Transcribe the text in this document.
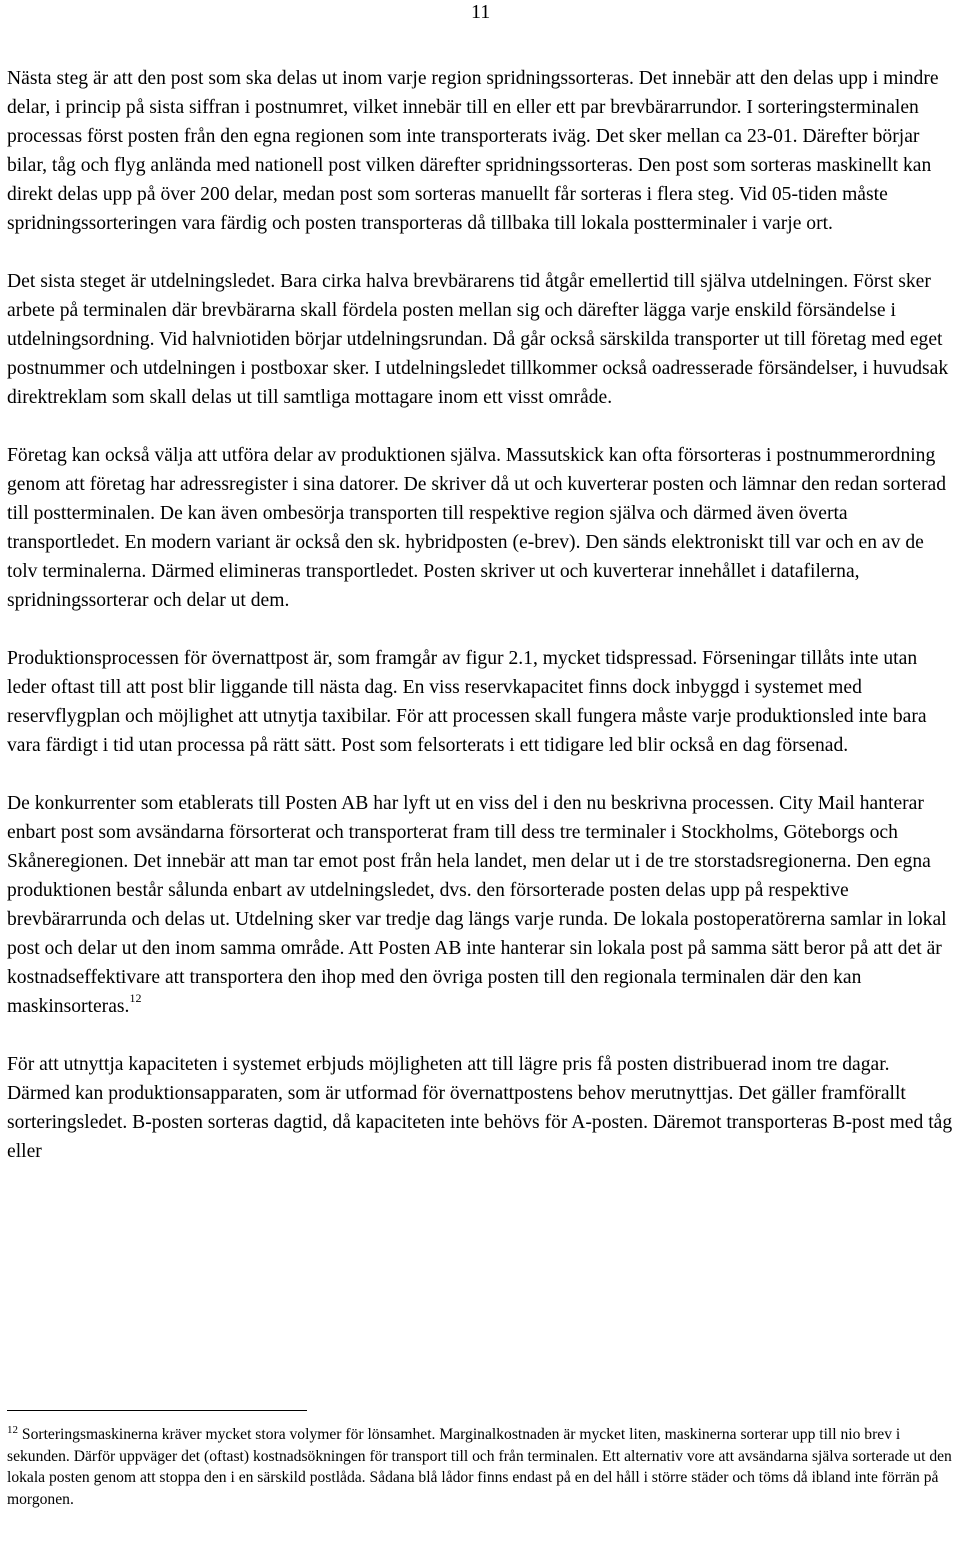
11

Nästa steg är att den post som ska delas ut inom varje region spridningssorteras. Det innebär att den delas upp i mindre delar, i princip på sista siffran i postnumret, vilket innebär till en eller ett par brevbärarrundor. I sorteringsterminalen processas först posten från den egna regionen som inte transporterats iväg. Det sker mellan ca 23-01. Därefter börjar bilar, tåg och flyg anlända med nationell post vilken därefter spridningssorteras. Den post som sorteras maskinellt kan direkt delas upp på över 200 delar, medan post som sorteras manuellt får sorteras i flera steg. Vid 05-tiden måste spridningssorteringen vara färdig och posten transporteras då tillbaka till lokala postterminaler i varje ort.

Det sista steget är utdelningsledet. Bara cirka halva brevbärarens tid åtgår emellertid till själva utdelningen. Först sker arbete på terminalen där brevbärarna skall fördela posten mellan sig och därefter lägga varje enskild försändelse i utdelningsordning. Vid halvniotiden börjar utdelningsrundan. Då går också särskilda transporter ut till företag med eget postnummer och utdelningen i postboxar sker. I utdelningsledet tillkommer också oadresserade försändelser, i huvudsak direktreklam som skall delas ut till samtliga mottagare inom ett visst område.

Företag kan också välja att utföra delar av produktionen själva. Massutskick kan ofta försorteras i postnummerordning genom att företag har adressregister i sina datorer. De skriver då ut och kuverterar posten och lämnar den redan sorterad till postterminalen. De kan även ombesörja transporten till respektive region själva och därmed även överta transportledet. En modern variant är också den sk. hybridposten (e-brev). Den sänds elektroniskt till var och en av de tolv terminalerna. Därmed elimineras transportledet. Posten skriver ut och kuverterar innehållet i datafilerna, spridningssorterar och delar ut dem.

Produktionsprocessen för övernattpost är, som framgår av figur 2.1, mycket tidspressad. Förseningar tillåts inte utan leder oftast till att post blir liggande till nästa dag. En viss reservkapacitet finns dock inbyggd i systemet med reservflygplan och möjlighet att utnytja taxibilar. För att processen skall fungera måste varje produktionsled inte bara vara färdigt i tid utan processa på rätt sätt. Post som felsorterats i ett tidigare led blir också en dag försenad.

De konkurrenter som etablerats till Posten AB har lyft ut en viss del i den nu beskrivna processen. City Mail hanterar enbart post som avsändarna försorterat och transporterat fram till dess tre terminaler i Stockholms, Göteborgs och Skåneregionen. Det innebär att man tar emot post från hela landet, men delar ut i de tre storstadsregionerna. Den egna produktionen består sålunda enbart av utdelningsledet, dvs. den försorterade posten delas upp på respektive brevbärarrunda och delas ut. Utdelning sker var tredje dag längs varje runda. De lokala postoperatörerna samlar in lokal post och delar ut den inom samma område. Att Posten AB inte hanterar sin lokala post på samma sätt beror på att det är kostnadseffektivare att transportera den ihop med den övriga posten till den regionala terminalen där den kan maskinsorteras.$^{12}$

För att utnyttja kapaciteten i systemet erbjuds möjligheten att till lägre pris få posten distribuerad inom tre dagar. Därmed kan produktionsapparaten, som är utformad för övernattpostens behov merutnyttjas. Det gäller framförallt sorteringsledet. B-posten sorteras dagtid, då kapaciteten inte behövs för A-posten. Däremot transporteras B-post med tåg eller

$^{12}$ Sorteringsmaskinerna kräver mycket stora volymer för lönsamhet. Marginalkostnaden är mycket liten, maskinerna sorterar upp till nio brev i sekunden. Därför uppväger det (oftast) kostnadsökningen för transport till och från terminalen. Ett alternativ vore att avsändarna själva sorterade ut den lokala posten genom att stoppa den i en särskild postlåda. Sådana blå lådor finns endast på en del håll i större städer och töms då ibland inte förrän på morgonen.
